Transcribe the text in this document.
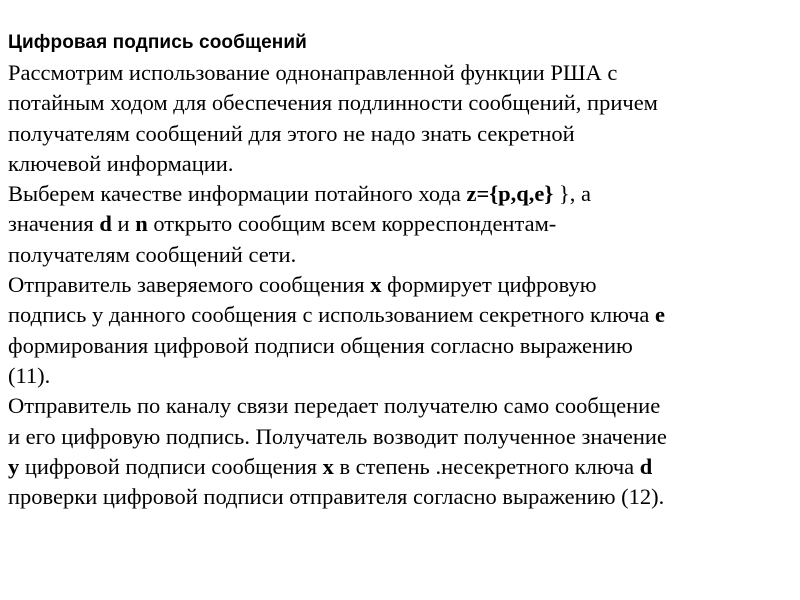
Цифровая подпись сообщений
Рассмотрим использование однонаправленной функции РША с
потайным ходом для обеспечения подлинности сообщений, причем
получателям сообщений для этого не надо знать секретной
ключевой информации.
Выберем качестве информации потайного хода z={p,q,e} }, а
значения d и n открыто сообщим всем корреспондентам-
получателям сообщений сети.
Отправитель заверяемого сообщения x формирует цифровую
подпись у данного сообщения с использованием секретного ключа e
формирования цифровой подписи общения согласно выражению
(11).
Отправитель по каналу связи передает получателю само сообщение
и его цифровую подпись. Получатель возводит полученное значение
y цифровой подписи сообщения x в степень .несекретного ключа d
проверки цифровой подписи отправителя согласно выражению (12).
